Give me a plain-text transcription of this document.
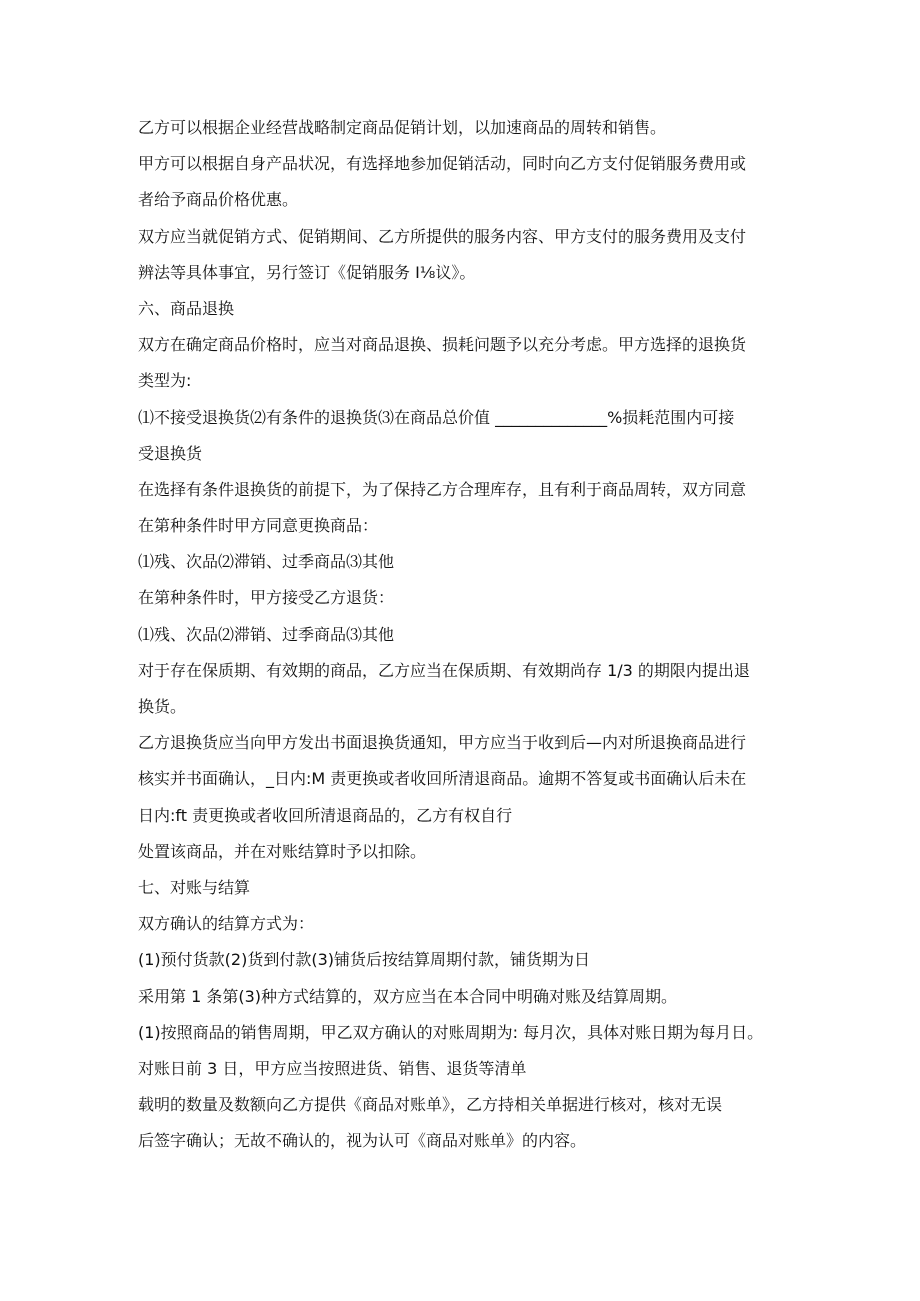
乙方可以根据企业经营战略制定商品促销计划，以加速商品的周转和销售。
甲方可以根据自身产品状况，有选择地参加促销活动，同时向乙方支付促销服务费用或
者给予商品价格优惠。
双方应当就促销方式、促销期间、乙方所提供的服务内容、甲方支付的服务费用及支付
辨法等具体事宜，另行签订《促销服务 I⅛议》。
六、商品退换
双方在确定商品价格时，应当对商品退换、损耗问题予以充分考虑。甲方选择的退换货
类型为:
⑴不接受退换货⑵有条件的退换货⑶在商品总价值 ______________%损耗范围内可接
受退换货
在选择有条件退换货的前提下，为了保持乙方合理库存，且有利于商品周转，双方同意
在第种条件时甲方同意更换商品：
⑴残、次品⑵滞销、过季商品⑶其他
在第种条件时，甲方接受乙方退货：
⑴残、次品⑵滞销、过季商品⑶其他
对于存在保质期、有效期的商品，乙方应当在保质期、有效期尚存 1/3 的期限内提出退
换货。
乙方退换货应当向甲方发出书面退换货通知，甲方应当于收到后—内对所退换商品进行
核实并书面确认，_日内:M 责更换或者收回所清退商品。逾期不答复或书面确认后未在
日内:ft 责更换或者收回所清退商品的，乙方有权自行
处置该商品，并在对账结算时予以扣除。
七、对账与结算
双方确认的结算方式为：
(1)预付货款(2)货到付款(3)铺货后按结算周期付款，铺货期为日
采用第 1 条第(3)种方式结算的，双方应当在本合同中明确对账及结算周期。
(1)按照商品的销售周期，甲乙双方确认的对账周期为: 每月次，具体对账日期为每月日。
对账日前 3 日，甲方应当按照进货、销售、退货等清单
载明的数量及数额向乙方提供《商品对账单》，乙方持相关单据进行核对，核对无误
后签字确认；无故不确认的，视为认可《商品对账单》的内容。
